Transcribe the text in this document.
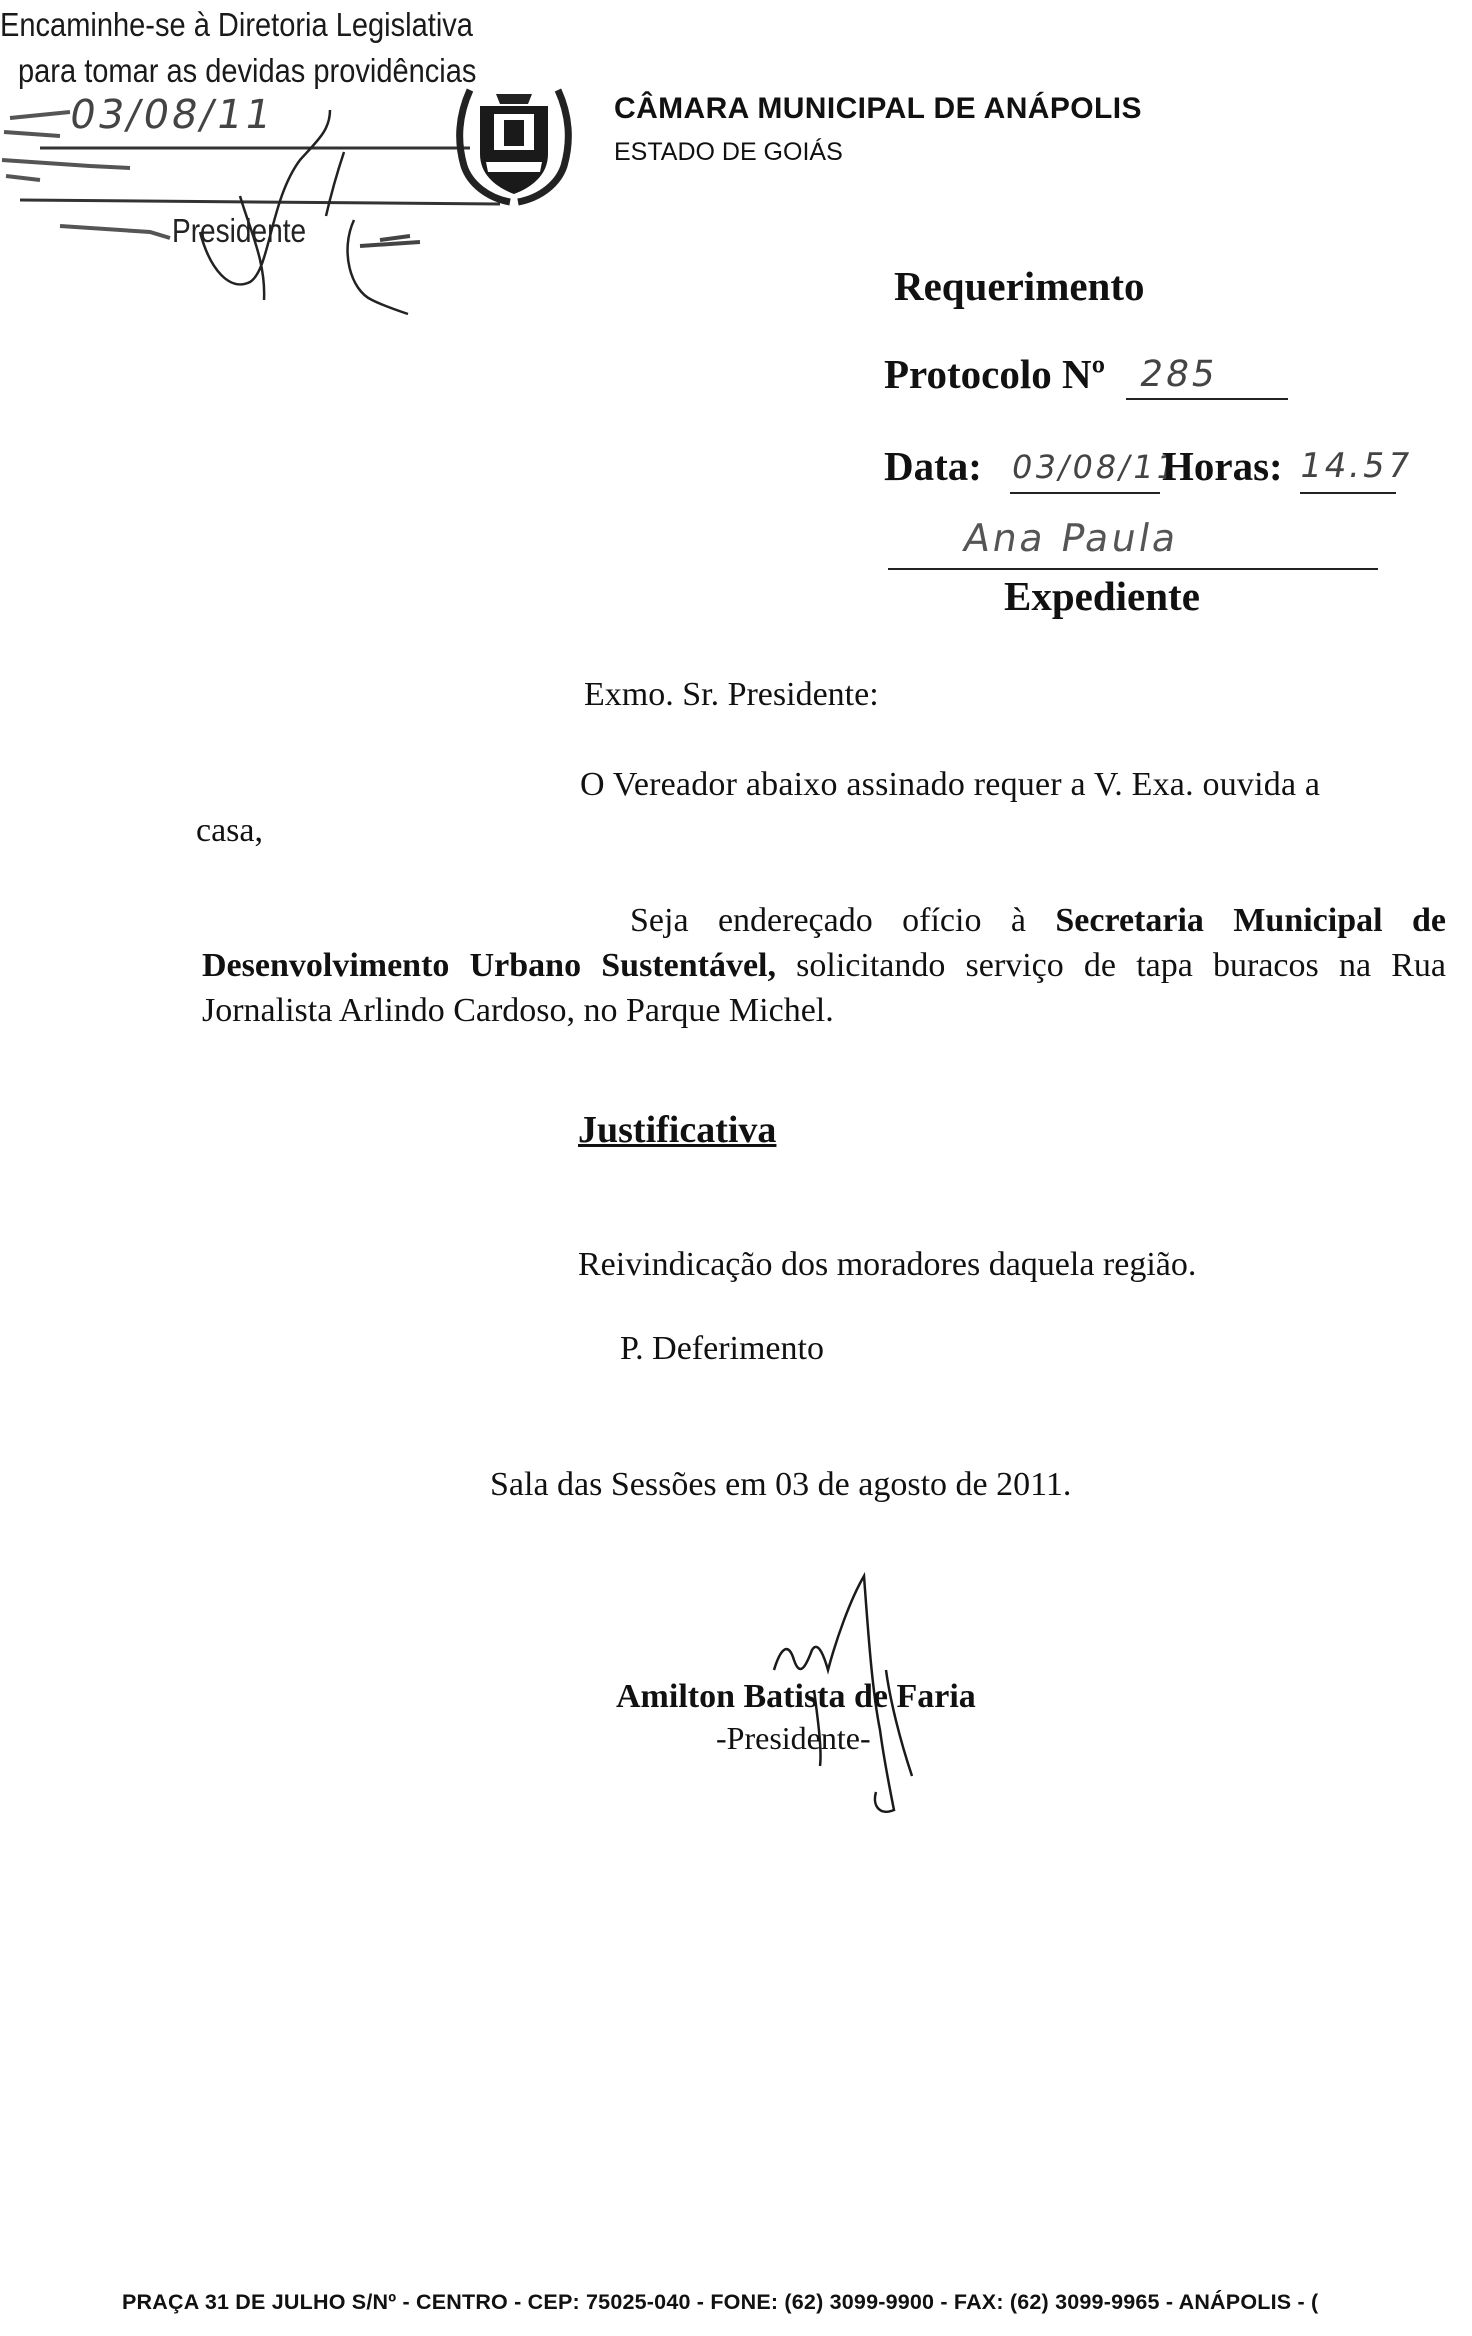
Encaminhe-se à Diretoria Legislativa
para tomar as devidas providências
03/08/11
Presidente
CÂMARA MUNICIPAL DE ANÁPOLIS
ESTADO DE GOIÁS
Requerimento
Protocolo Nº 285
Data: 03/08/11
Horas: 14.57
Ana Paula
Expediente
Exmo. Sr. Presidente:
O Vereador abaixo assinado requer a V. Exa. ouvida a
casa,
Seja endereçado ofício à Secretaria Municipal de Desenvolvimento Urbano Sustentável, solicitando serviço de tapa buracos na Rua Jornalista Arlindo Cardoso, no Parque Michel.
Justificativa
Reivindicação dos moradores daquela região.
P. Deferimento
Sala das Sessões em 03 de agosto de 2011.
Amilton Batista de Faria
-Presidente-
PRAÇA 31 DE JULHO S/Nº - CENTRO - CEP: 75025-040 - FONE: (62) 3099-9900 - FAX: (62) 3099-9965 - ANÁPOLIS - (
